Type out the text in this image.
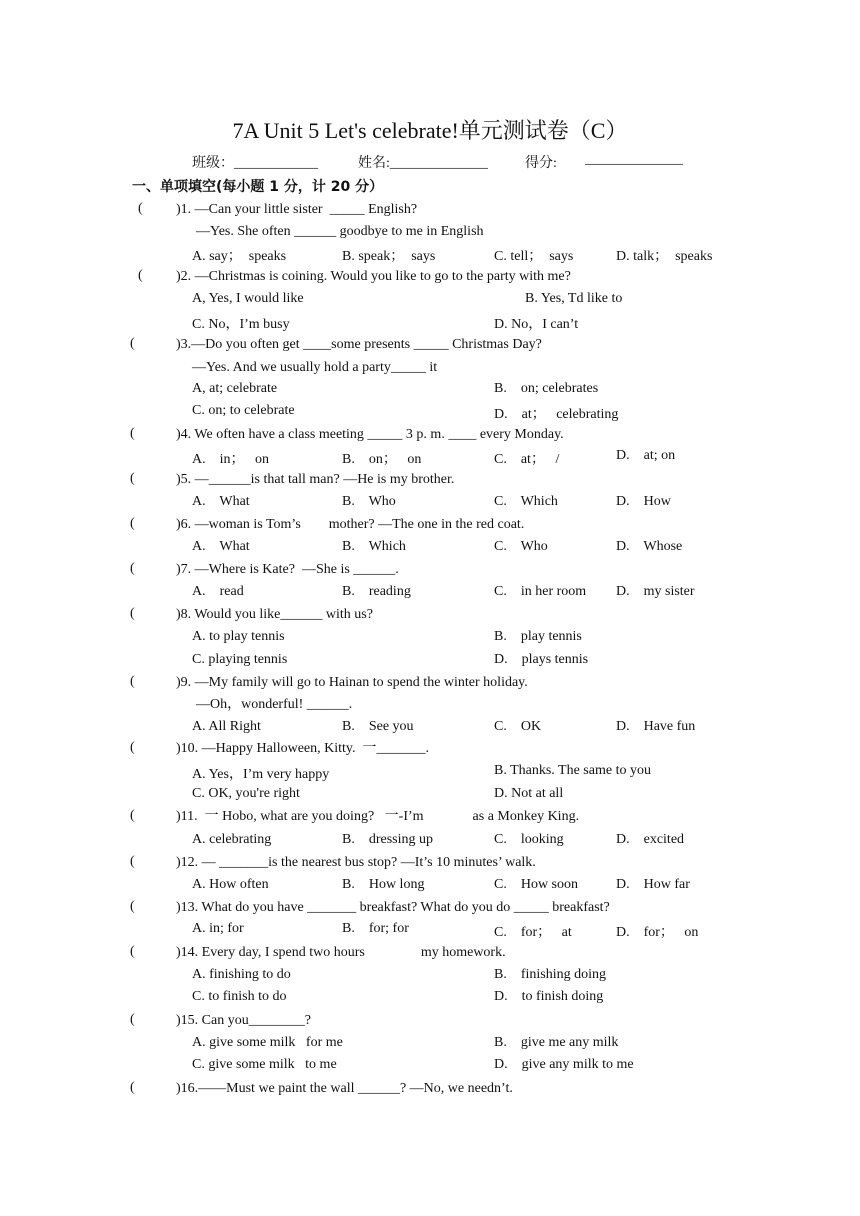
7A Unit 5 Let's celebrate!单元测试卷（C）
班级：____________	姓名:______________	得分: ______________
一、单项填空(每小题 1 分，计 20 分）
( )1. —Can your little sister  _____ English?
—Yes. She often ______ goodbye to me in English
A. say；  speaks	B. speak；  says	C. tell；  says	D. talk；  speaks
( )2. —Christmas is coining. Would you like to go to the party with me?
A, Yes, I would like	B. Yes, Td like to
C. No，I’m busy	D. No，I can’t
(	)3.—Do you often get ____some presents _____ Christmas Day?
—Yes. And we usually hold a party_____ it
A, at; celebrate	B.    on; celebrates
C. on; to celebrate	D.    at；   celebrating
(	)4. We often have a class meeting _____ 3 p. m. ____ every Monday.
A.    in；   on	B.    on；   on	C.    at；   /	D.    at; on
(	)5. —______is that tall man? —He is my brother.
A.    What	B.    Who	C.    Which	D.    How
(	)6. —woman is Tom’s        mother? —The one in the red coat.
A.    What	B.    Which	C.    Who	D.    Whose
(	)7. —Where is Kate?  —She is ______.
A.    read	B.    reading	C.    in her room D.    my sister
(	)8. Would you like______ with us?
A. to play tennis	B.    play tennis
C. playing tennis	D.    plays tennis
(	)9. —My family will go to Hainan to spend the winter holiday.
—Oh，wonderful! ______.
A. All Right	B.    See you	C.    OK	D.    Have fun
(	)10. —Happy Halloween, Kitty.  一_______.
A. Yes，I’m very happy	B. Thanks. The same to you
C. OK, you're right	D. Not at all
(	)11.  一 Hobo, what are you doing?   一-I’m              as a Monkey King.
A. celebrating	B.    dressing up	C.    looking	D.    excited
(	)12. — _______is the nearest bus stop? —It’s 10 minutes’ walk.
A. How often	B.    How long	C.    How soon	D.    How far
(	)13. What do you have _______ breakfast? What do you do _____ breakfast?
A. in; for	B.    for; for	C.    for；   at	D.    for；   on
(	)14. Every day, I spend two hours                my homework.
A. finishing to do	B.    finishing doing
C. to finish to do	D.    to finish doing
(	)15. Can you________?
A. give some milk   for me	B.    give me any milk
C. give some milk   to me	D.    give any milk to me
(	)16.——Must we paint the wall ______? —No, we needn’t.
